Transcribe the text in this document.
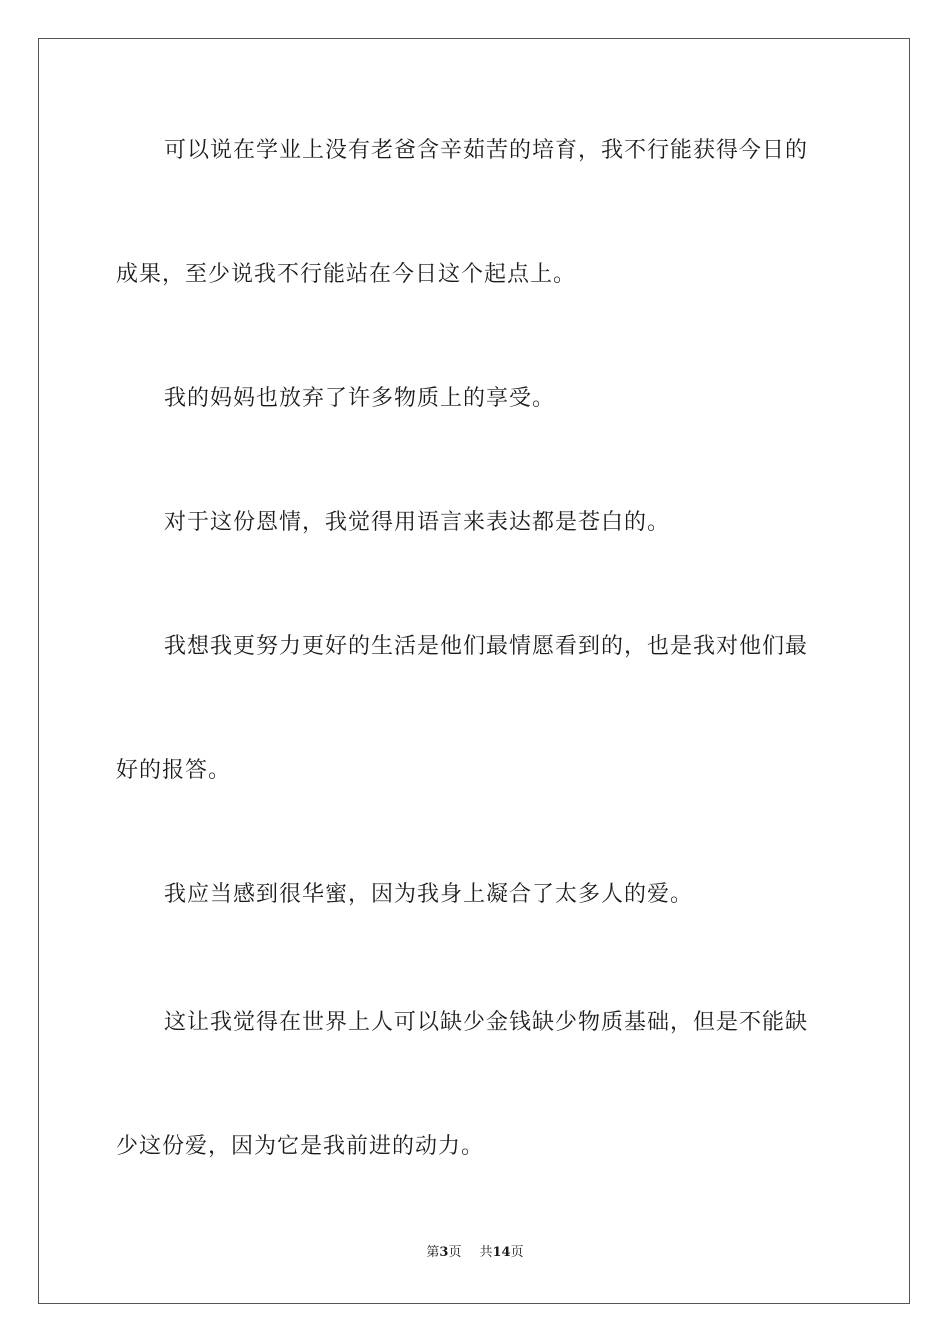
可以说在学业上没有老爸含辛茹苦的培育，我不行能获得今日的
成果，至少说我不行能站在今日这个起点上。
我的妈妈也放弃了许多物质上的享受。
对于这份恩情，我觉得用语言来表达都是苍白的。
我想我更努力更好的生活是他们最情愿看到的，也是我对他们最
好的报答。
我应当感到很华蜜，因为我身上凝合了太多人的爱。
这让我觉得在世界上人可以缺少金钱缺少物质基础，但是不能缺
少这份爱，因为它是我前进的动力。
第3页 共14页
